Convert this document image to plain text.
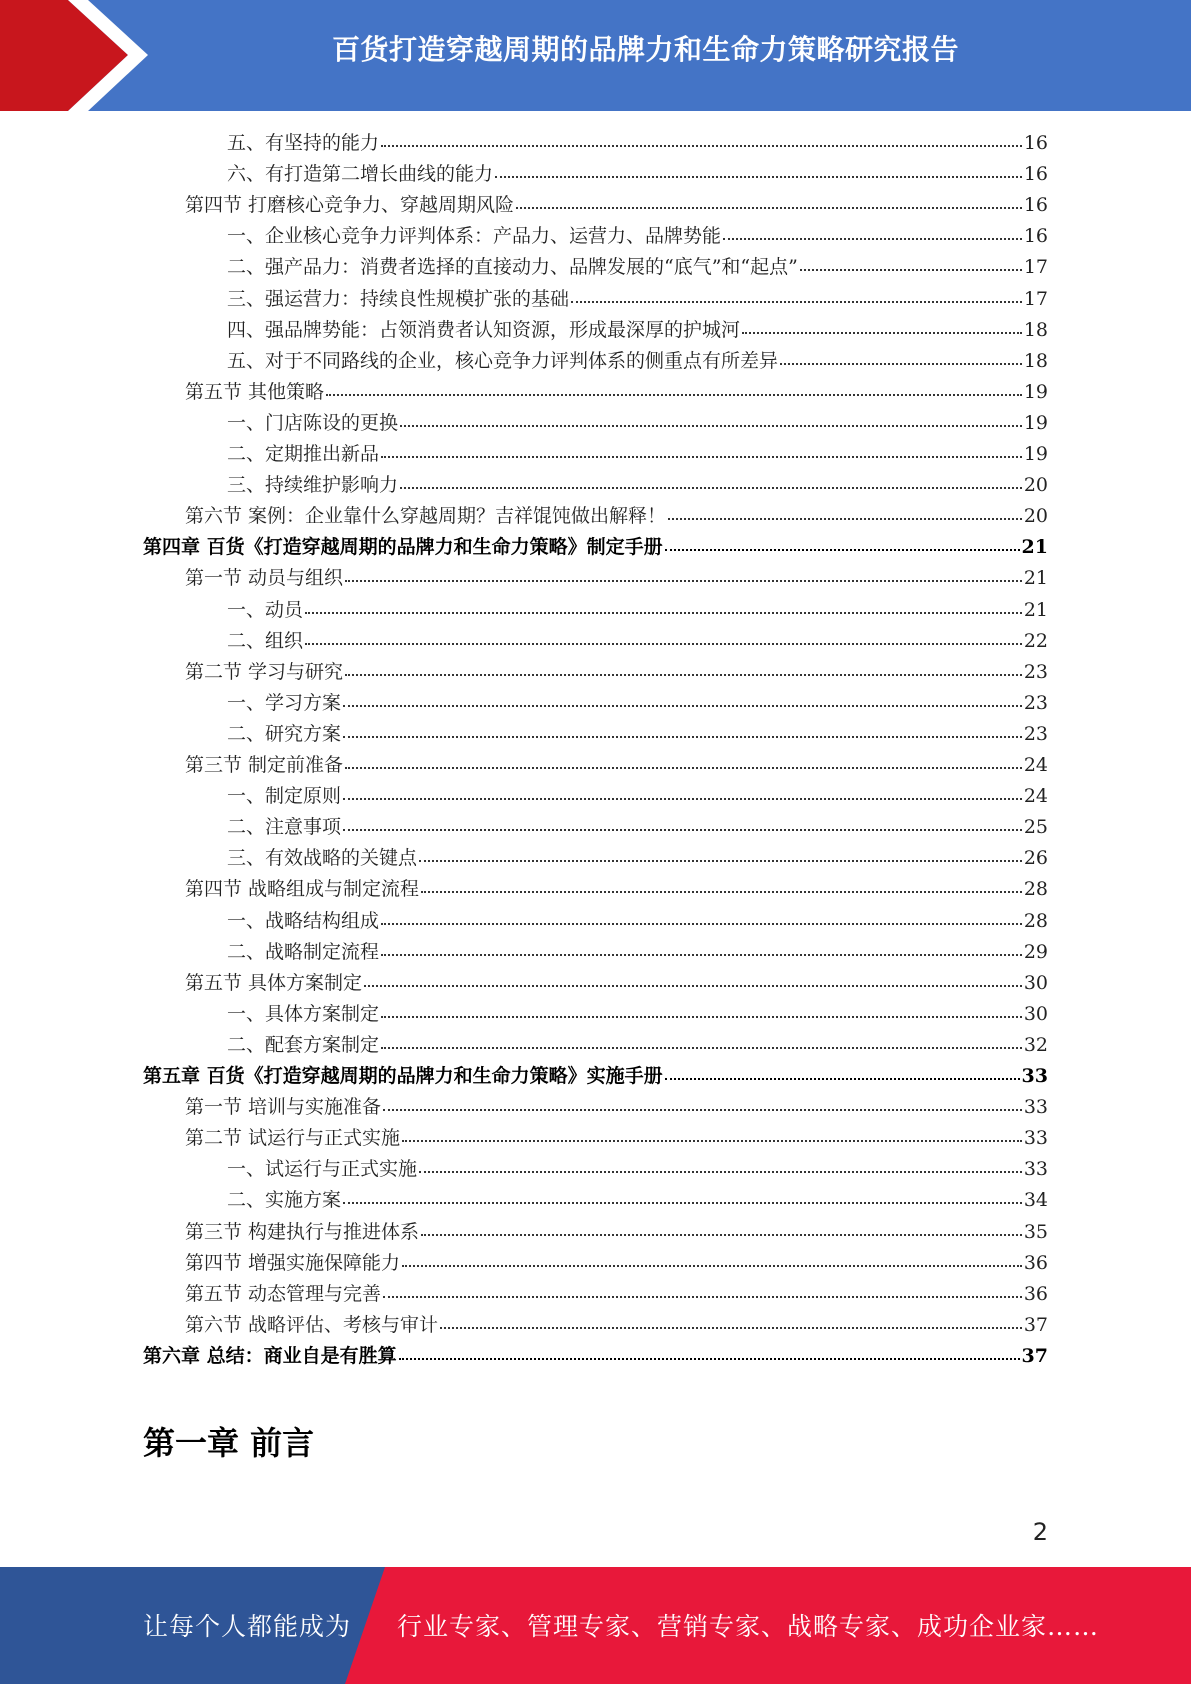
百货打造穿越周期的品牌力和生命力策略研究报告
五、有坚持的能力	16
六、有打造第二增长曲线的能力	16
第四节 打磨核心竞争力、穿越周期风险	16
一、企业核心竞争力评判体系：产品力、运营力、品牌势能	16
二、强产品力：消费者选择的直接动力、品牌发展的“底气”和“起点”	17
三、强运营力：持续良性规模扩张的基础	17
四、强品牌势能：占领消费者认知资源，形成最深厚的护城河	18
五、对于不同路线的企业，核心竞争力评判体系的侧重点有所差异	18
第五节 其他策略	19
一、门店陈设的更换	19
二、定期推出新品	19
三、持续维护影响力	20
第六节 案例：企业靠什么穿越周期？吉祥馄饨做出解释！	20
第四章 百货《打造穿越周期的品牌力和生命力策略》制定手册	21
第一节 动员与组织	21
一、动员	21
二、组织	22
第二节 学习与研究	23
一、学习方案	23
二、研究方案	23
第三节 制定前准备	24
一、制定原则	24
二、注意事项	25
三、有效战略的关键点	26
第四节 战略组成与制定流程	28
一、战略结构组成	28
二、战略制定流程	29
第五节 具体方案制定	30
一、具体方案制定	30
二、配套方案制定	32
第五章 百货《打造穿越周期的品牌力和生命力策略》实施手册	33
第一节 培训与实施准备	33
第二节 试运行与正式实施	33
一、试运行与正式实施	33
二、实施方案	34
第三节 构建执行与推进体系	35
第四节 增强实施保障能力	36
第五节 动态管理与完善	36
第六节 战略评估、考核与审计	37
第六章 总结：商业自是有胜算	37
第一章 前言
2
让每个人都能成为 行业专家、管理专家、营销专家、战略专家、成功企业家……
